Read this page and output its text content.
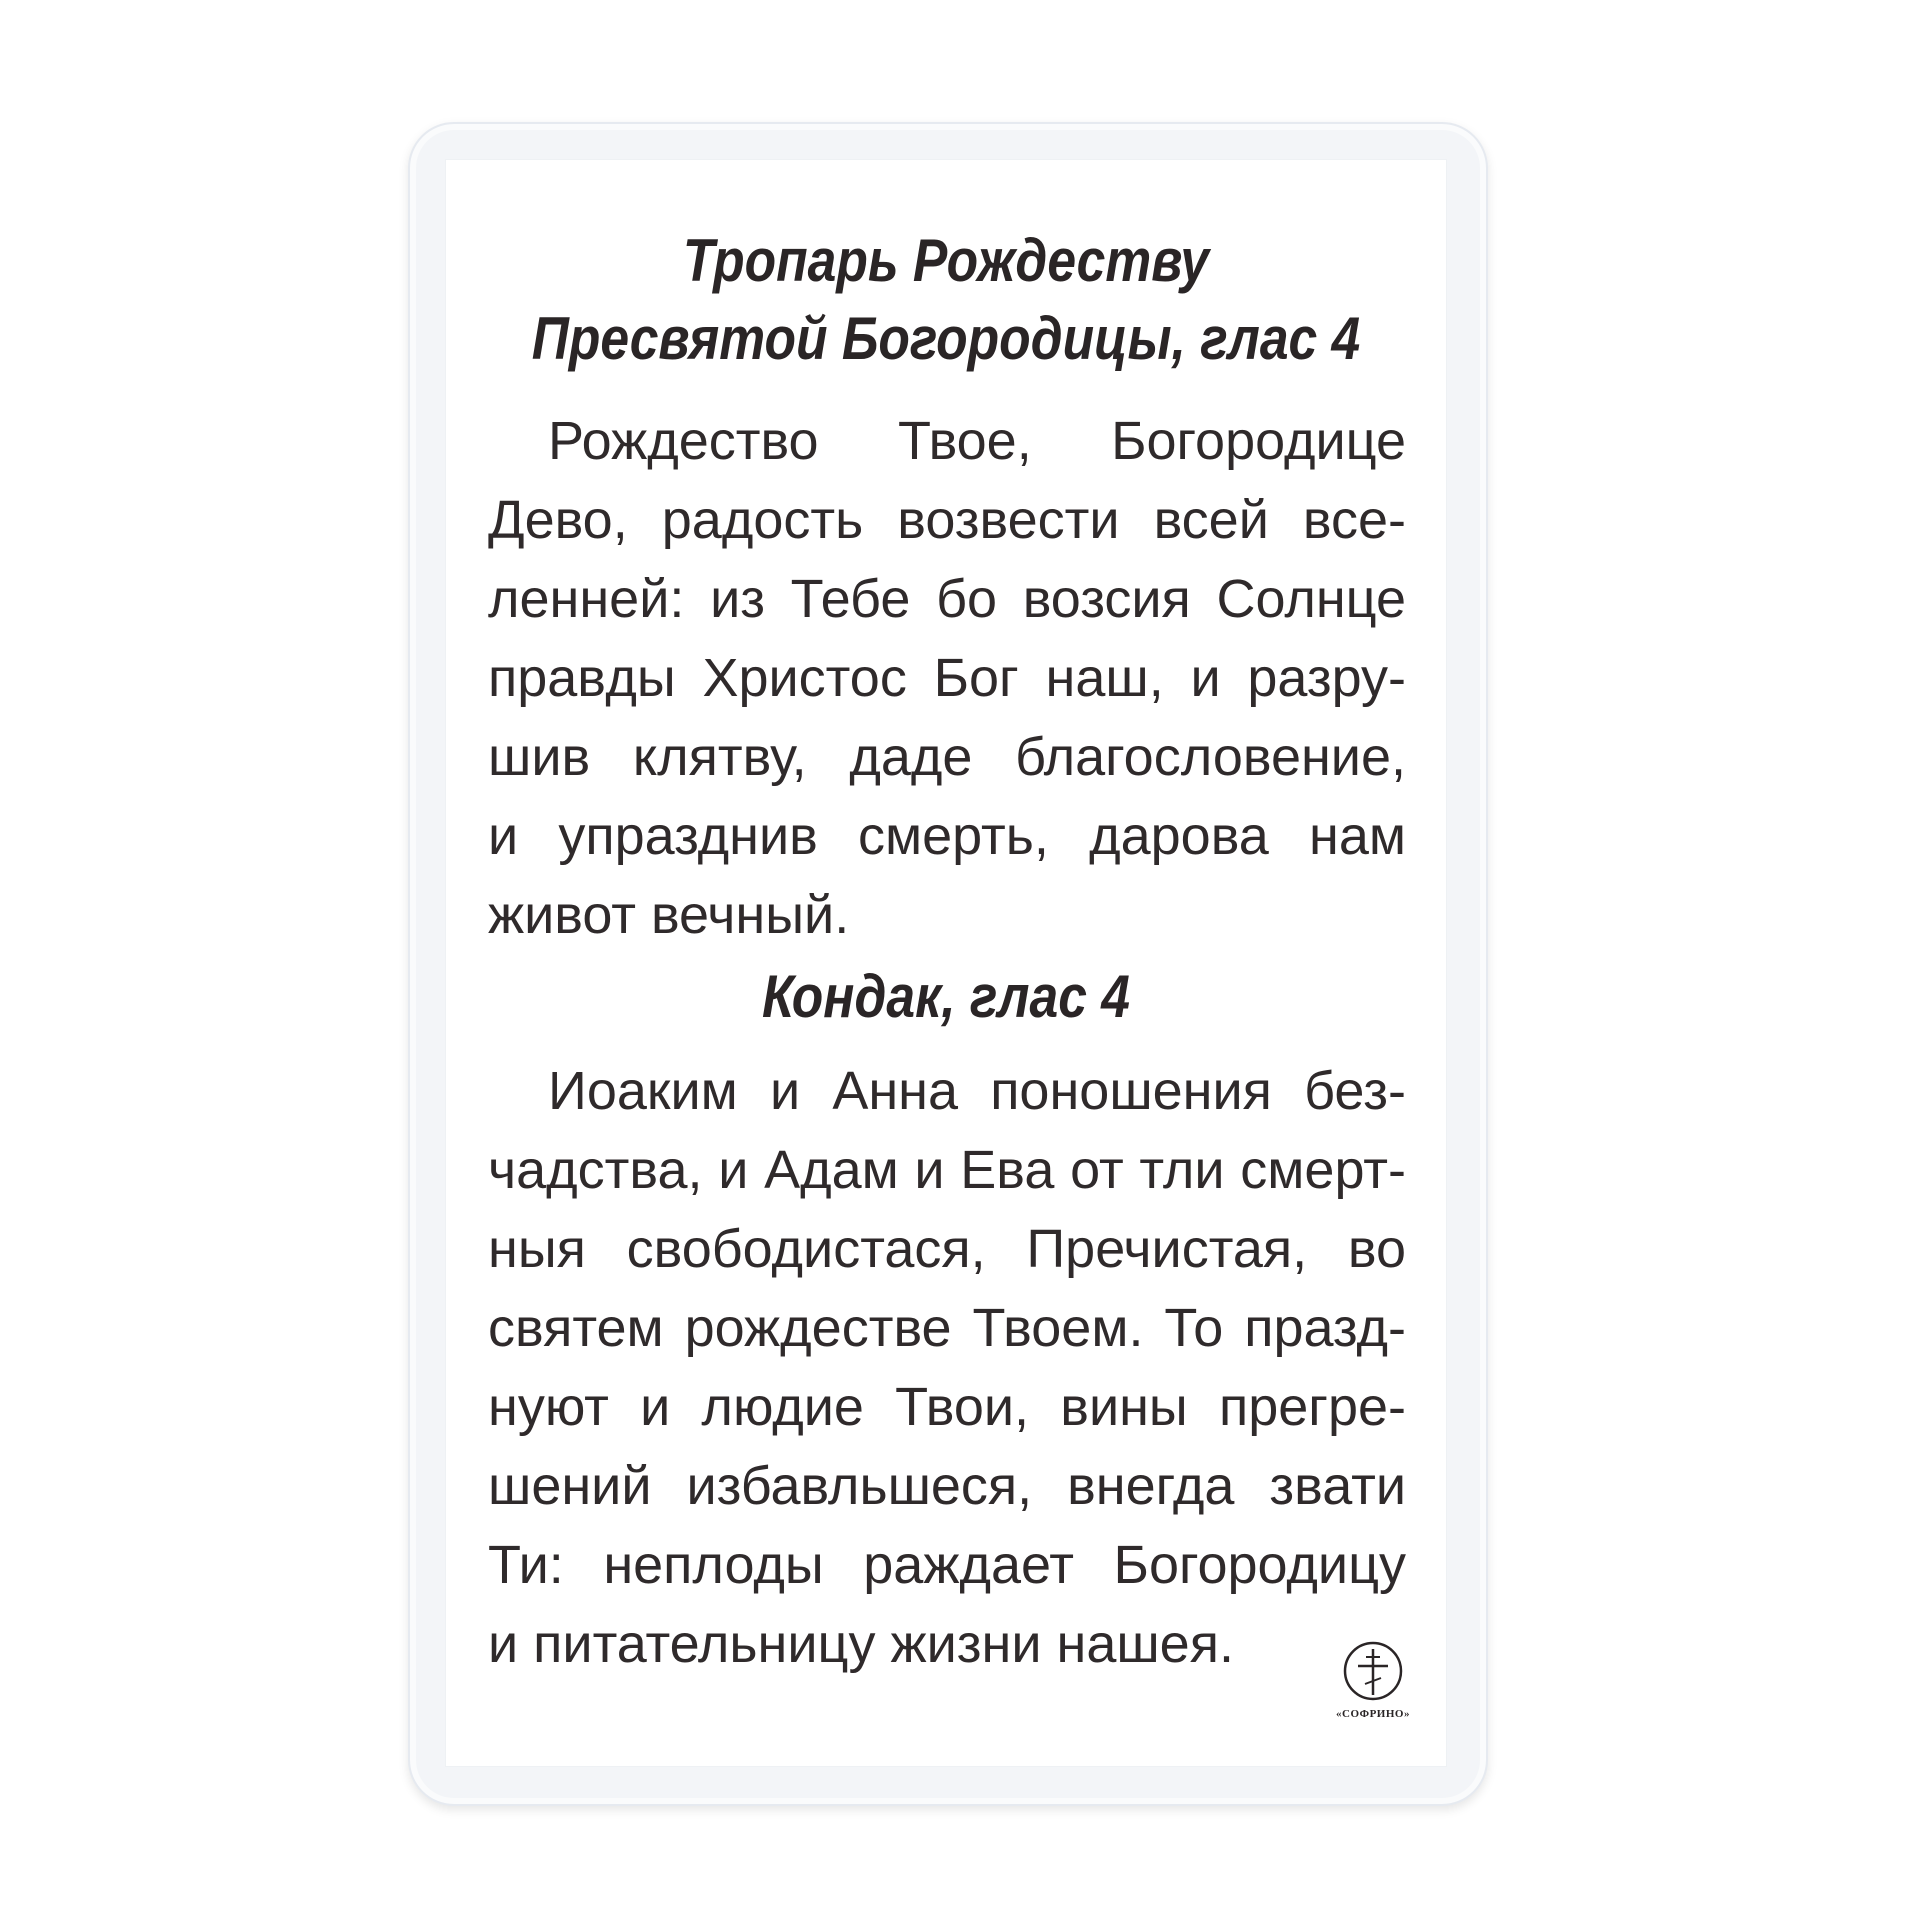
Тропарь Рождеству
Пресвятой Богородицы, глас 4
Рождество Твое, Богородице
Дево, радость возвести всей все-
ленней: из Тебе бо возсия Солнце
правды Христос Бог наш, и разру-
шив клятву, даде благословение,
и упразднив смерть, дарова нам
живот вечный.
Кондак, глас 4
Иоаким и Анна поношения без-
чадства, и Адам и Ева от тли смерт-
ныя свободистася, Пречистая, во
святем рождестве Твоем. То празд-
нуют и людие Твои, вины прегре-
шений избавльшеся, внегда звати
Ти: неплоды раждает Богородицу
и питательницу жизни нашея.
«СОФРИНО»
